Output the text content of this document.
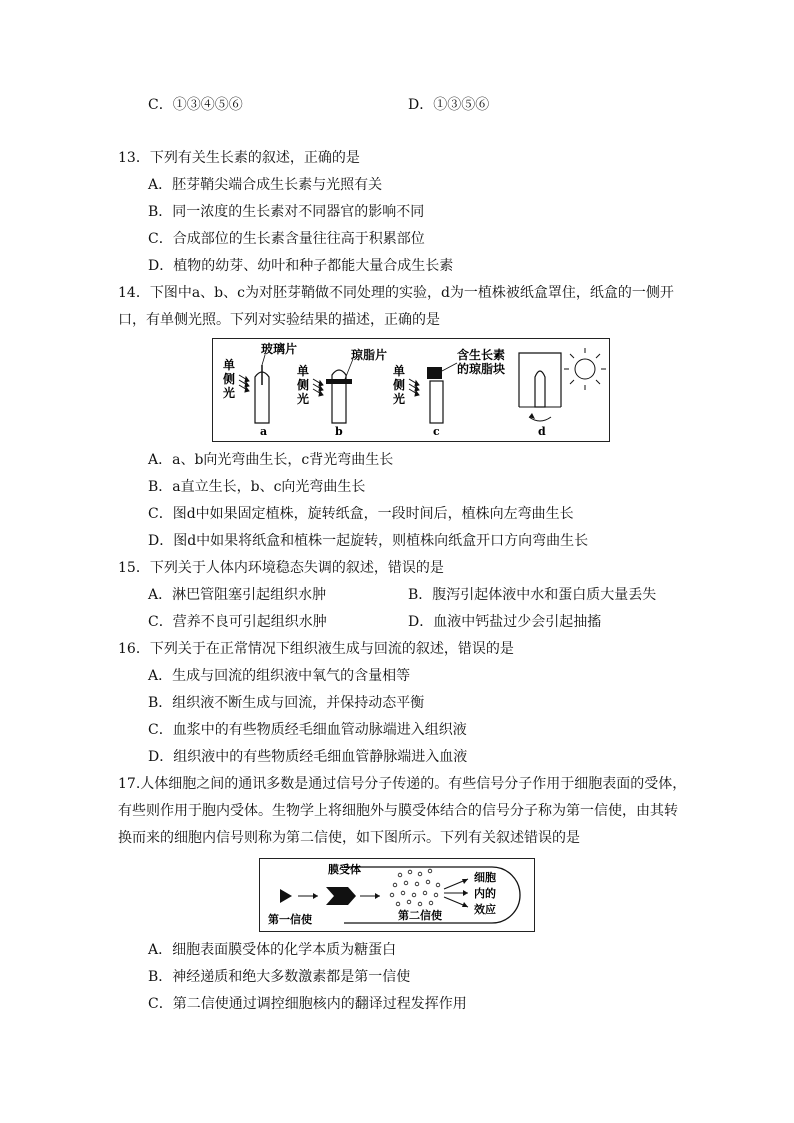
C．①③④⑤⑥	D．①③⑤⑥
13．下列有关生长素的叙述，正确的是
A．胚芽鞘尖端合成生长素与光照有关
B．同一浓度的生长素对不同器官的影响不同
C．合成部位的生长素含量往往高于积累部位
D．植物的幼芽、幼叶和种子都能大量合成生长素
14．下图中a、b、c为对胚芽鞘做不同处理的实验，d为一植株被纸盒罩住，纸盒的一侧开
口，有单侧光照。下列对实验结果的描述，正确的是
单
侧
光
玻璃片
a
单
侧
光
琼脂片
b
单
侧
光
含生长素
的琼脂块
c	d
A．a、b向光弯曲生长，c背光弯曲生长
B．a直立生长，b、c向光弯曲生长
C．图d中如果固定植株，旋转纸盒，一段时间后，植株向左弯曲生长
D．图d中如果将纸盒和植株一起旋转，则植株向纸盒开口方向弯曲生长
15．下列关于人体内环境稳态失调的叙述，错误的是
A．淋巴管阻塞引起组织水肿	B．腹泻引起体液中水和蛋白质大量丢失
C．营养不良可引起组织水肿	D．血液中钙盐过少会引起抽搐
16．下列关于在正常情况下组织液生成与回流的叙述，错误的是
A．生成与回流的组织液中氧气的含量相等
B．组织液不断生成与回流，并保持动态平衡
C．血浆中的有些物质经毛细血管动脉端进入组织液
D．组织液中的有些物质经毛细血管静脉端进入血液
17.人体细胞之间的通讯多数是通过信号分子传递的。有些信号分子作用于细胞表面的受体，
有些则作用于胞内受体。生物学上将细胞外与膜受体结合的信号分子称为第一信使，由其转
换而来的细胞内信号则称为第二信使，如下图所示。下列有关叙述错误的是
第一信使
膜受体
第二信使
细胞
内的
效应
A．细胞表面膜受体的化学本质为糖蛋白
B．神经递质和绝大多数激素都是第一信使
C．第二信使通过调控细胞核内的翻译过程发挥作用
